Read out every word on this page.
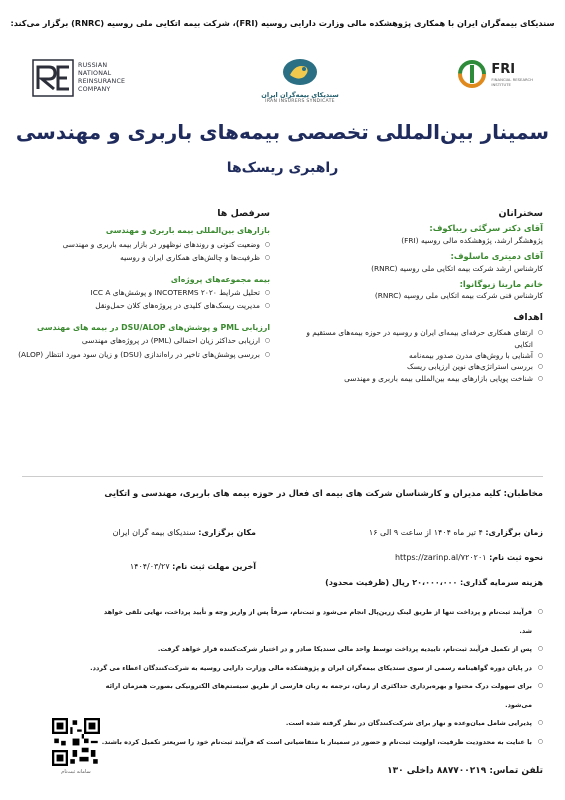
سندیکای بیمه‌گران ایران با همکاری پژوهشکده مالی وزارت دارایی روسیه (FRI)، شرکت بیمه اتکایی ملی روسیه (RNRC) برگزار می‌کند:
RUSSIAN
NATIONAL
REINSURANCE
COMPANY
سندیکای بیمه‌گران ایران
IRAN INSURERS SYNDICATE
FRI
FINANCIAL RESEARCH
INSTITUTE
سمینار بین‌المللی تخصصی بیمه‌های باربری و مهندسی
راهبری ریسک‌ها
سخنرانان
آقای دکتر سرگئی ریباکوف:
پژوهشگر ارشد، پژوهشکده مالی روسیه (FRI)
آقای دمیتری ماسلوف:
کارشناس ارشد شرکت بیمه اتکایی ملی روسیه (RNRC)
خانم مارینا زیوگانوا:
کارشناس فنی شرکت بیمه اتکایی ملی روسیه (RNRC)
اهداف
○ ارتقای همکاری حرفه‌ای بیمه‌ای ایران و روسیه در حوزه بیمه‌های مستقیم و اتکایی
○ آشنایی با روش‌های مدرن صدور بیمه‌نامه
○ بررسی استراتژی‌های نوین ارزیابی ریسک
○ شناخت پویایی بازارهای بیمه بین‌المللی بیمه باربری و مهندسی
سرفصل ها
بازارهای بین‌المللی بیمه باربری و مهندسی
○ وضعیت کنونی و روندهای نوظهور در بازار بیمه باربری و مهندسی
○ ظرفیت‌ها و چالش‌های همکاری ایران و روسیه
بیمه مجموعه‌های پروژه‌ای
○ تحلیل شرایط ۲۰۲۰ INCOTERMS و پوشش‌های ICC A
○ مدیریت ریسک‌های کلیدی در پروژه‌های کلان حمل‌ونقل
ارزیابی PML و پوشش‌های DSU/ALOP در بیمه های مهندسی
○ ارزیابی حداکثر زیان احتمالی (PML) در پروژه‌های مهندسی
○ بررسی پوشش‌های تاخیر در راه‌اندازی (DSU) و زیان سود مورد انتظار (ALOP)
مخاطبان: کلیه مدیران و کارشناسان شرکت های بیمه ای فعال در حوزه بیمه های باربری، مهندسی و اتکایی
زمان برگزاری: ۴ تیر ماه ۱۴۰۴ از ساعت ۹ الی ۱۶
مکان برگزاری: سندیکای بیمه گران ایران
نحوه ثبت نام: https://zarinp.al/۷۲۰۲۰۱
آخرین مهلت ثبت نام: ۱۴۰۴/۰۳/۲۷
هزینه سرمایه گذاری: ۲۰،۰۰۰،۰۰۰ ریال (ظرفیت محدود)
○ فرآیند ثبت‌نام و پرداخت تنها از طریق لینک زرین‌پال انجام می‌شود و ثبت‌نام، صرفاً پس از واریز وجه و تأیید پرداخت، نهایی تلقی خواهد شد.
○ پس از تکمیل فرآیند ثبت‌نام، تاییدیه پرداخت توسط واحد مالی سندیکا صادر و در اختیار شرکت‌کننده قرار خواهد گرفت.
○ در پایان دوره گواهینامه رسمی از سوی سندیکای بیمه‌گران ایران و پژوهشکده مالی وزارت دارایی روسیه به شرکت‌کنندگان اعطاء می گردد.
○ برای سهولت درک محتوا و بهره‌برداری حداکثری از زمان، ترجمه به زبان فارسی از طریق سیستم‌های الکترونیکی بصورت همزمان ارائه می‌شود.
○ پذیرایی شامل میان‌وعده و نهار برای شرکت‌کنندگان در نظر گرفته شده است.
○ با عنایت به محدودیت ظرفیت، اولویت ثبت‌نام و حضور در سمینار با متقاضیانی است که فرآیند ثبت‌نام خود را سریعتر تکمیل کرده باشند.
سامانه ثبت‌نام	تلفن تماس: ۸۸۷۷۰۰۲۱۹ داخلی ۱۳۰
